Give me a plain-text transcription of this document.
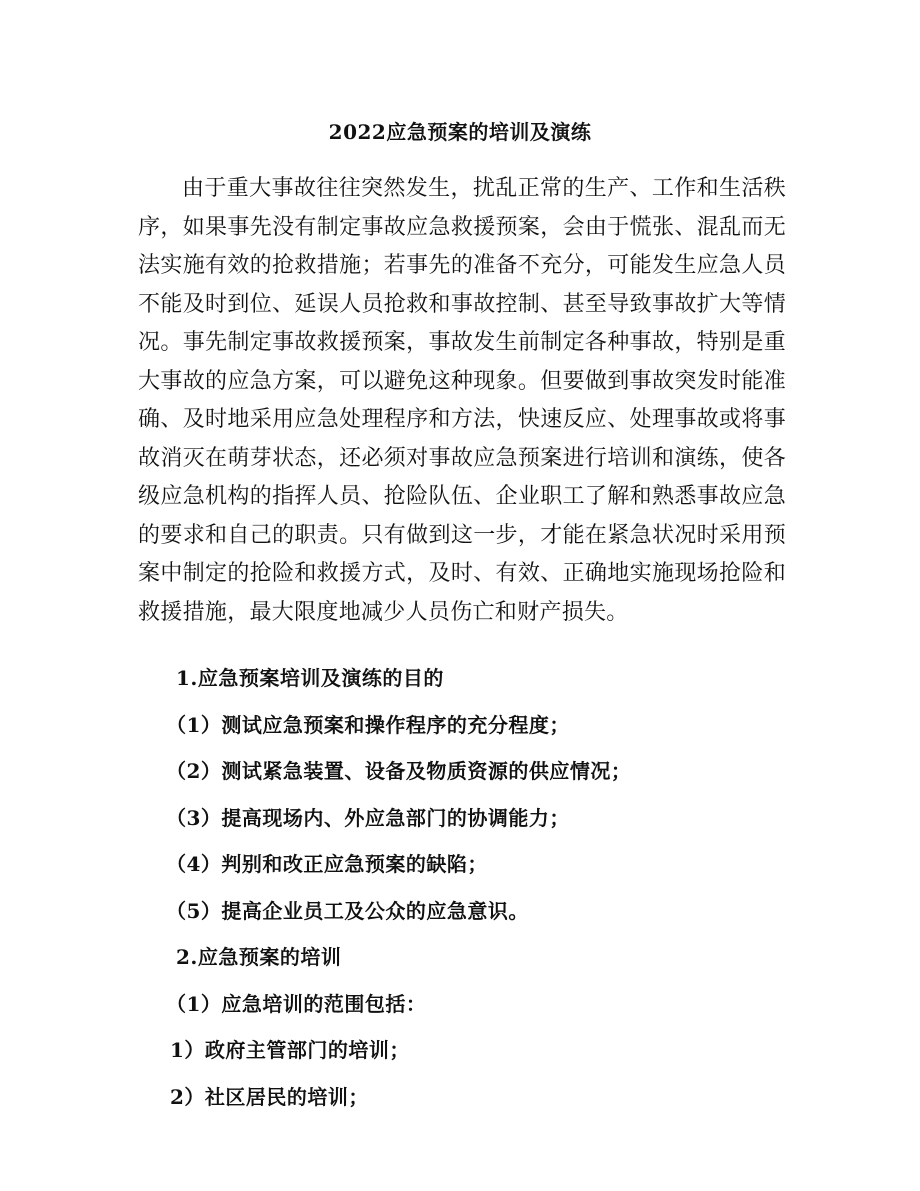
2022应急预案的培训及演练

由于重大事故往往突然发生，扰乱正常的生产、工作和生活秩序，如果事先没有制定事故应急救援预案，会由于慌张、混乱而无法实施有效的抢救措施；若事先的准备不充分，可能发生应急人员不能及时到位、延误人员抢救和事故控制、甚至导致事故扩大等情况。事先制定事故救援预案，事故发生前制定各种事故，特别是重大事故的应急方案，可以避免这种现象。但要做到事故突发时能准确、及时地采用应急处理程序和方法，快速反应、处理事故或将事故消灭在萌芽状态，还必须对事故应急预案进行培训和演练，使各级应急机构的指挥人员、抢险队伍、企业职工了解和熟悉事故应急的要求和自己的职责。只有做到这一步，才能在紧急状况时采用预案中制定的抢险和救援方式，及时、有效、正确地实施现场抢险和救援措施，最大限度地减少人员伤亡和财产损失。

1.应急预案培训及演练的目的
（1）测试应急预案和操作程序的充分程度；
（2）测试紧急装置、设备及物质资源的供应情况；
（3）提高现场内、外应急部门的协调能力；
（4）判别和改正应急预案的缺陷；
（5）提高企业员工及公众的应急意识。
2.应急预案的培训
（1）应急培训的范围包括：
1）政府主管部门的培训；
2）社区居民的培训；
